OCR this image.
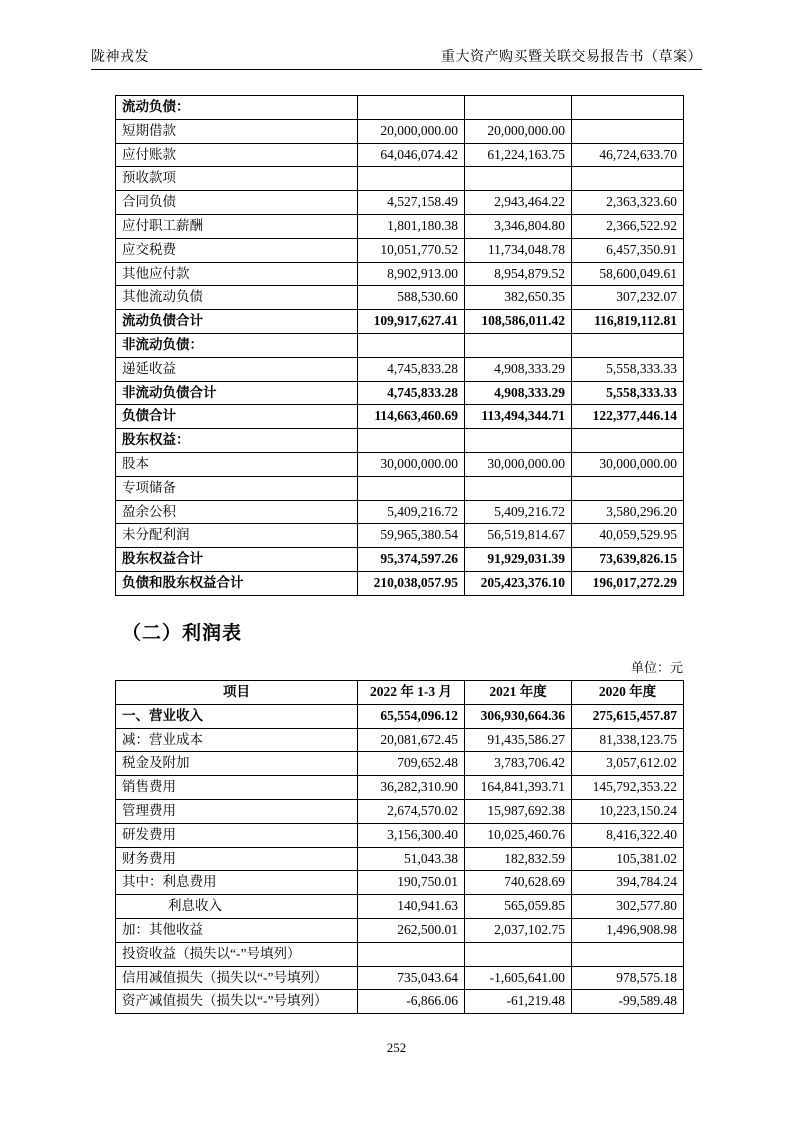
陇神戎发	重大资产购买暨关联交易报告书（草案）
流动负债：			
短期借款	20,000,000.00	20,000,000.00	
应付账款	64,046,074.42	61,224,163.75	46,724,633.70
预收款项			
合同负债	4,527,158.49	2,943,464.22	2,363,323.60
应付职工薪酬	1,801,180.38	3,346,804.80	2,366,522.92
应交税费	10,051,770.52	11,734,048.78	6,457,350.91
其他应付款	8,902,913.00	8,954,879.52	58,600,049.61
其他流动负债	588,530.60	382,650.35	307,232.07
流动负债合计	109,917,627.41	108,586,011.42	116,819,112.81
非流动负债：			
递延收益	4,745,833.28	4,908,333.29	5,558,333.33
非流动负债合计	4,745,833.28	4,908,333.29	5,558,333.33
负债合计	114,663,460.69	113,494,344.71	122,377,446.14
股东权益：			
股本	30,000,000.00	30,000,000.00	30,000,000.00
专项储备			
盈余公积	5,409,216.72	5,409,216.72	3,580,296.20
未分配利润	59,965,380.54	56,519,814.67	40,059,529.95
股东权益合计	95,374,597.26	91,929,031.39	73,639,826.15
负债和股东权益合计	210,038,057.95	205,423,376.10	196,017,272.29
（二）利润表
单位：元
项目	2022 年 1-3 月	2021 年度	2020 年度
一、营业收入	65,554,096.12	306,930,664.36	275,615,457.87
减：营业成本	20,081,672.45	91,435,586.27	81,338,123.75
税金及附加	709,652.48	3,783,706.42	3,057,612.02
销售费用	36,282,310.90	164,841,393.71	145,792,353.22
管理费用	2,674,570.02	15,987,692.38	10,223,150.24
研发费用	3,156,300.40	10,025,460.76	8,416,322.40
财务费用	51,043.38	182,832.59	105,381.02
其中：利息费用	190,750.01	740,628.69	394,784.24
利息收入	140,941.63	565,059.85	302,577.80
加：其他收益	262,500.01	2,037,102.75	1,496,908.98
投资收益（损失以“-”号填列）			
信用减值损失（损失以“-”号填列）	735,043.64	-1,605,641.00	978,575.18
资产减值损失（损失以“-”号填列）	-6,866.06	-61,219.48	-99,589.48
252
